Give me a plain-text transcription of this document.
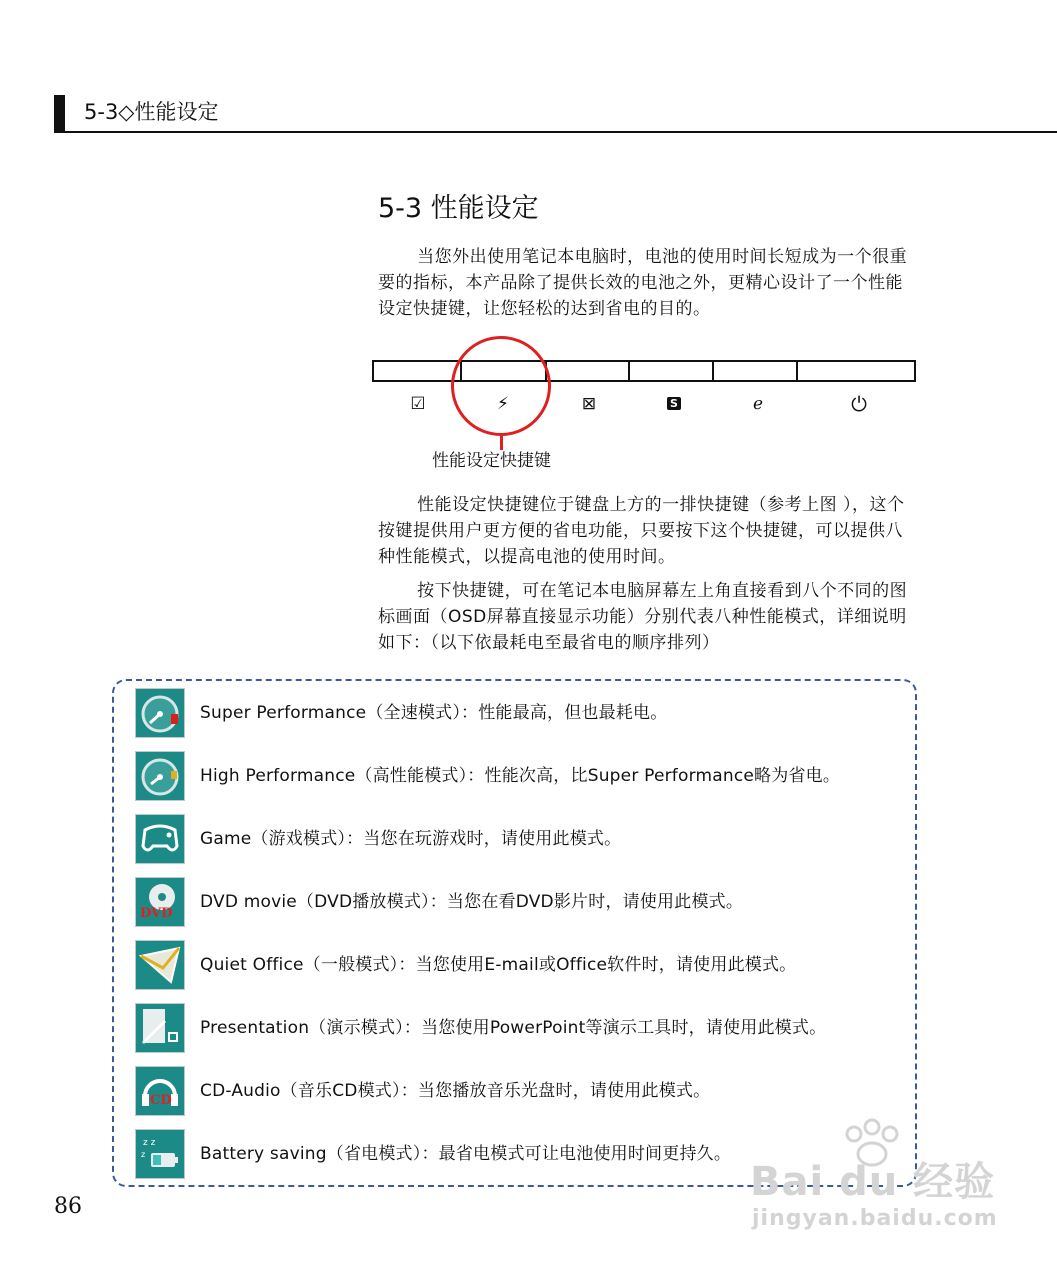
5-3◇性能设定
5-3 性能设定

当您外出使用笔记本电脑时，电池的使用时间长短成为一个很重要的指标，本产品除了提供长效的电池之外，更精心设计了一个性能设定快捷键，让您轻松的达到省电的目的。

☑	⚡	⊠	S	ℯ	⏻
性能设定快捷键

性能设定快捷键位于键盘上方的一排快捷键（参考上图 ），这个按键提供用户更方便的省电功能，只要按下这个快捷键，可以提供八种性能模式，以提高电池的使用时间。

按下快捷键，可在笔记本电脑屏幕左上角直接看到八个不同的图标画面（OSD屏幕直接显示功能）分别代表八种性能模式，详细说明如下：（以下依最耗电至最省电的顺序排列）

Super Performance（全速模式）：性能最高，但也最耗电。
High Performance（高性能模式）：性能次高，比Super Performance略为省电。
Game（游戏模式）：当您在玩游戏时，请使用此模式。
DVD
DVD movie（DVD播放模式）：当您在看DVD影片时，请使用此模式。
Quiet Office（一般模式）：当您使用E-mail或Office软件时，请使用此模式。
Presentation（演示模式）：当您使用PowerPoint等演示工具时，请使用此模式。
CD CD-Audio（音乐CD模式）：当您播放音乐光盘时，请使用此模式。
z z
z	Battery saving（省电模式）：最省电模式可让电池使用时间更持久。
86
Bai du 经验
jingyan.baidu.com
